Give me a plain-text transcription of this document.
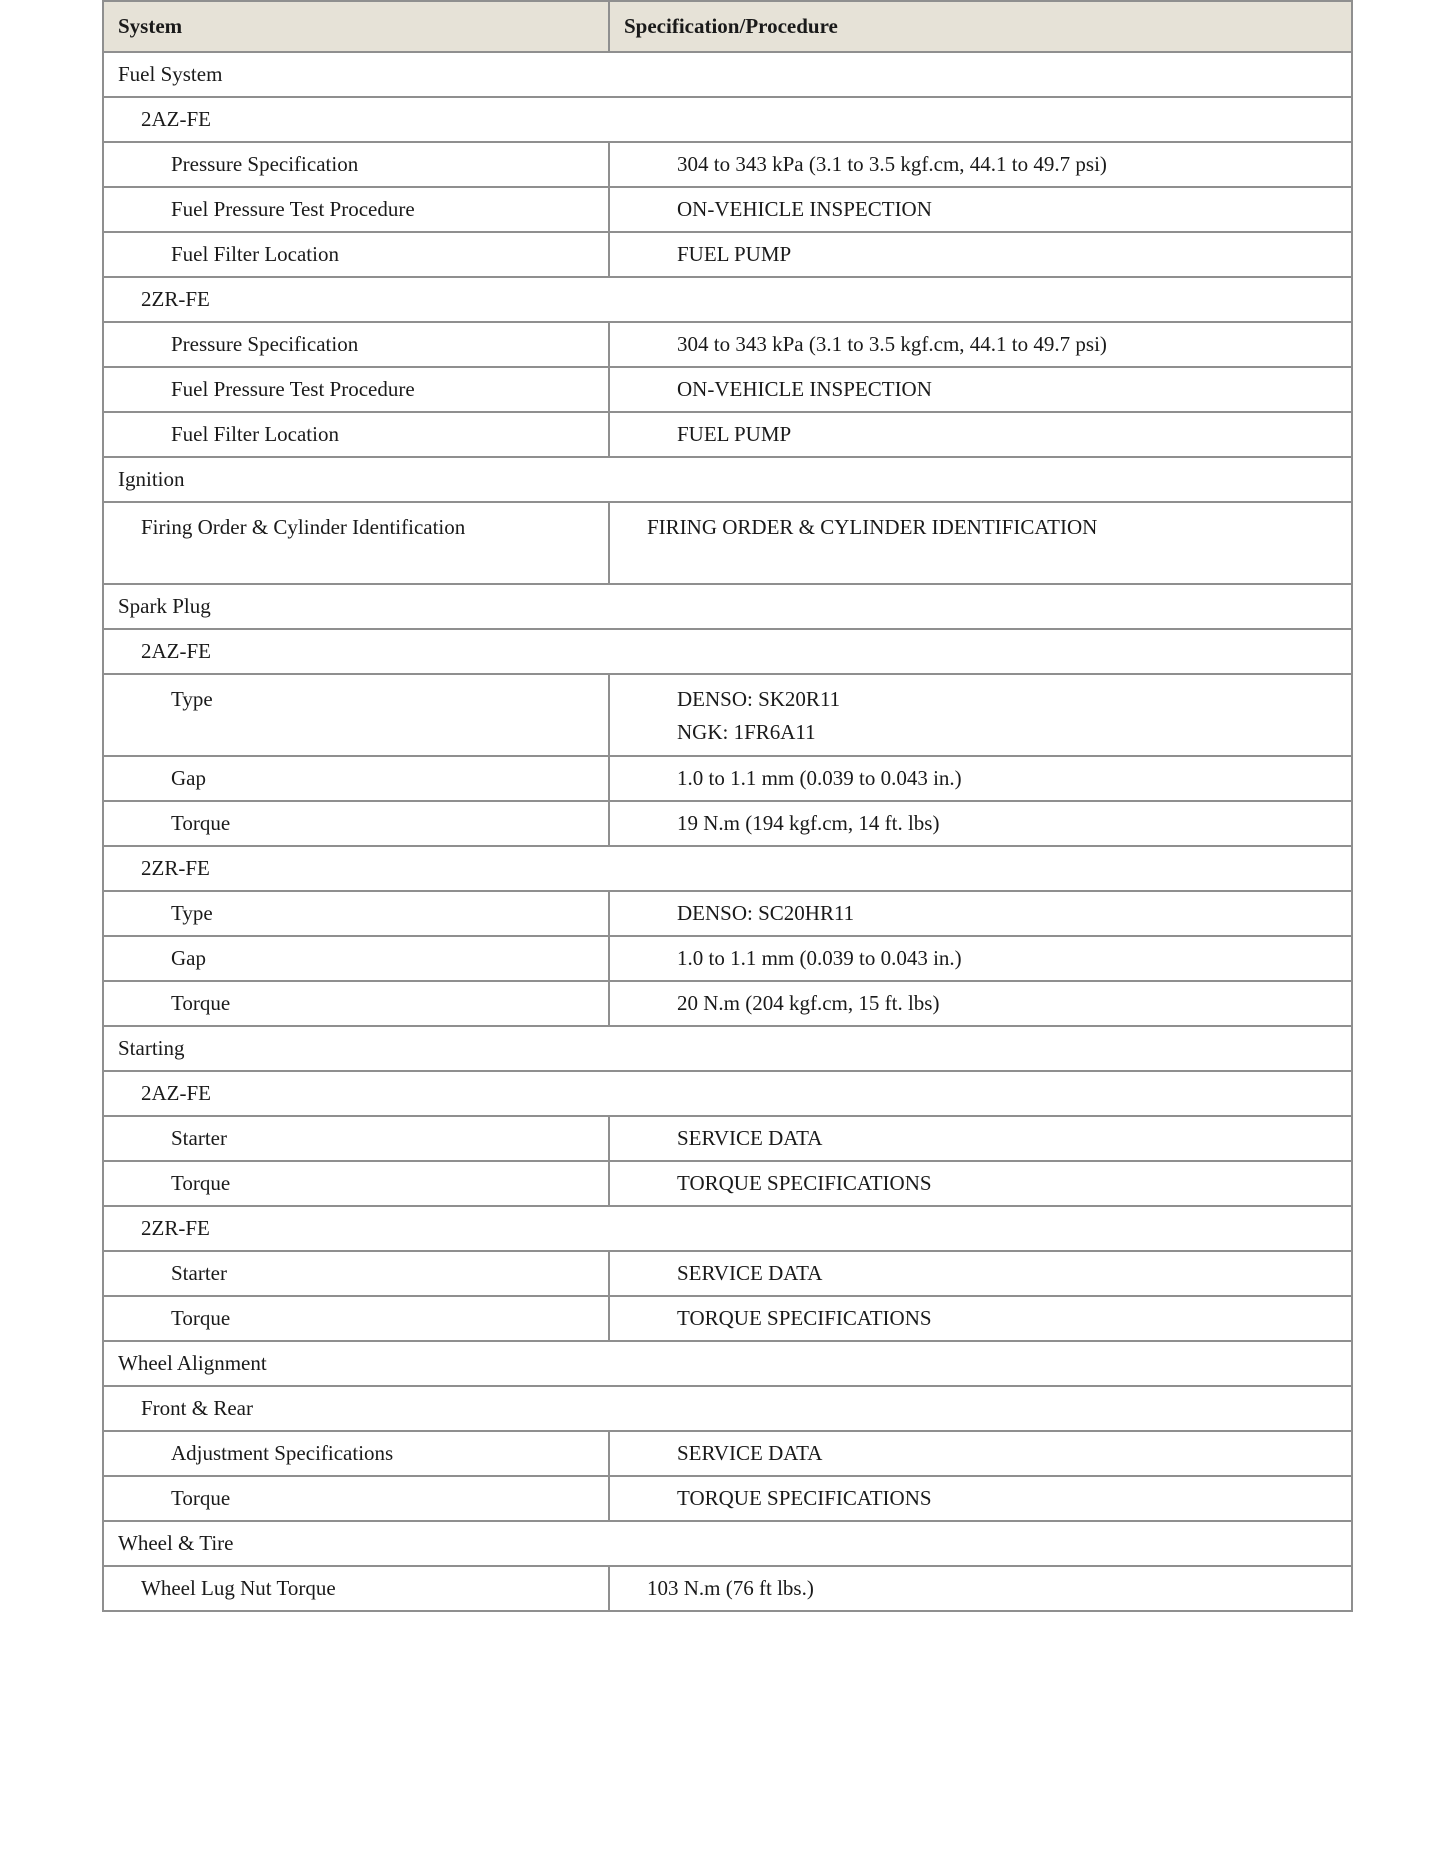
System	Specification/Procedure
Fuel System	
2AZ-FE	
Pressure Specification	304 to 343 kPa (3.1 to 3.5 kgf.cm, 44.1 to 49.7 psi)
Fuel Pressure Test Procedure	ON-VEHICLE INSPECTION
Fuel Filter Location	FUEL PUMP
2ZR-FE	
Pressure Specification	304 to 343 kPa (3.1 to 3.5 kgf.cm, 44.1 to 49.7 psi)
Fuel Pressure Test Procedure	ON-VEHICLE INSPECTION
Fuel Filter Location	FUEL PUMP
Ignition	
Firing Order & Cylinder Identification	FIRING ORDER & CYLINDER IDENTIFICATION

Spark Plug	
2AZ-FE	
Type	DENSO: SK20R11
NGK: 1FR6A11

Gap	1.0 to 1.1 mm (0.039 to 0.043 in.)
Torque	19 N.m (194 kgf.cm, 14 ft. lbs)
2ZR-FE	
Type	DENSO: SC20HR11
Gap	1.0 to 1.1 mm (0.039 to 0.043 in.)
Torque	20 N.m (204 kgf.cm, 15 ft. lbs)
Starting	
2AZ-FE	
Starter	SERVICE DATA
Torque	TORQUE SPECIFICATIONS
2ZR-FE	
Starter	SERVICE DATA
Torque	TORQUE SPECIFICATIONS
Wheel Alignment	
Front & Rear	
Adjustment Specifications	SERVICE DATA
Torque	TORQUE SPECIFICATIONS
Wheel & Tire	
Wheel Lug Nut Torque	103 N.m (76 ft lbs.)
